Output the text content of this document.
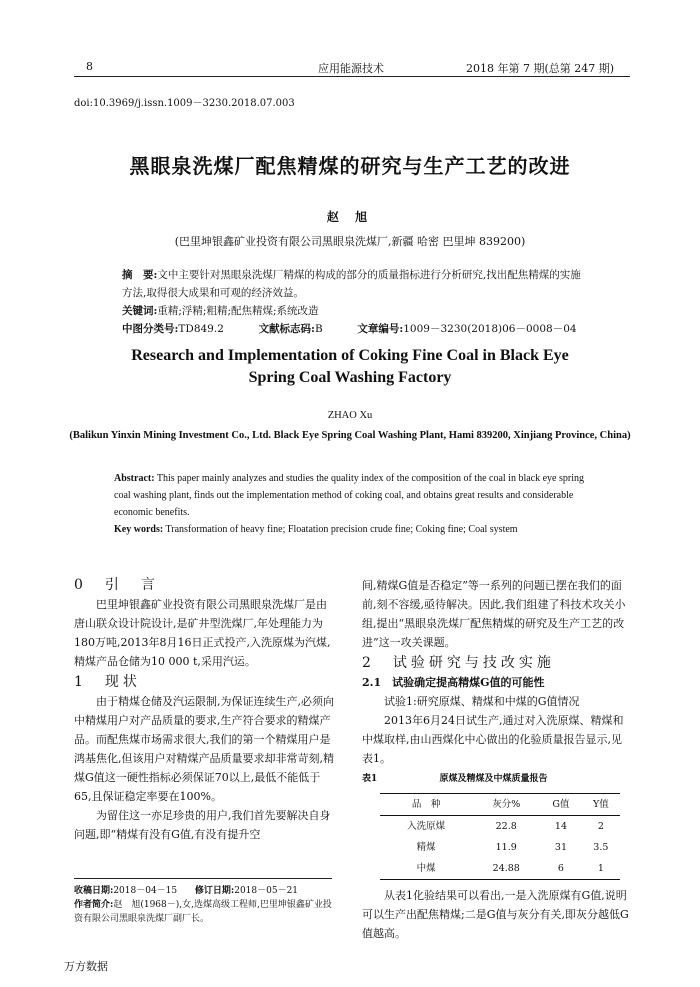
8	应用能源技术	2018 年第 7 期(总第 247 期)
doi:10.3969/j.issn.1009－3230.2018.07.003
黑眼泉洗煤厂配焦精煤的研究与生产工艺的改进
赵 旭
(巴里坤银鑫矿业投资有限公司黑眼泉洗煤厂,新疆 哈密 巴里坤 839200)
摘　要:文中主要针对黑眼泉洗煤厂精煤的构成的部分的质量指标进行分析研究,找出配焦精煤的实施方法,取得很大成果和可观的经济效益。
关键词:重精;浮精;粗精;配焦精煤;系统改造
中图分类号:TD849.2	文献标志码:B	文章编号:1009－3230(2018)06－0008－04
Research and Implementation of Coking Fine Coal in Black Eye Spring Coal Washing Factory
ZHAO Xu
(Balikun Yinxin Mining Investment Co., Ltd. Black Eye Spring Coal Washing Plant, Hami 839200, Xinjiang Province, China)
Abstract: This paper mainly analyzes and studies the quality index of the composition of the coal in black eye spring coal washing plant, finds out the implementation method of coking coal, and obtains great results and considerable economic benefits.
Key words: Transformation of heavy fine; Floatation precision crude fine; Coking fine; Coal system
0　引　言

巴里坤银鑫矿业投资有限公司黑眼泉洗煤厂是由唐山联众设计院设计,是矿井型洗煤厂,年处理能力为180万吨,2013年8月16日正式投产,入洗原煤为汽煤,精煤产品仓储为10 000 t,采用汽运。

1　现状

由于精煤仓储及汽运限制,为保证连续生产,必须向中精煤用户对产品质量的要求,生产符合要求的精煤产品。而配焦煤市场需求很大,我们的第一个精煤用户是鸿基焦化,但该用户对精煤产品质量要求却非常苛刻,精煤G值这一硬性指标必须保证70以上,最低不能低于65,且保证稳定率要在100%。

为留住这一亦足珍贵的用户,我们首先要解决自身问题,即“精煤有没有G值,有没有提升空

间,精煤G值是否稳定”等一系列的问题已摆在我们的面前,刻不容缓,亟待解决。因此,我们组建了科技术攻关小组,提出“黑眼泉洗煤厂配焦精煤的研究及生产工艺的改进”这一攻关课题。
2　试验研究与技改实施
2.1　试验确定提高精煤G值的可能性

试验1:研究原煤、精煤和中煤的G值情况

2013年6月24日试生产,通过对入洗原煤、精煤和中煤取样,由山西煤化中心做出的化验质量报告显示,见表1。

表1	原煤及精煤及中煤质量报告
品　种	灰分%	G值	Y值
入洗原煤	22.8	14	2
精煤	11.9	31	3.5
中煤	24.88	6	1

从表1化验结果可以看出,一是入洗原煤有G值,说明可以生产出配焦精煤;二是G值与灰分有关,即灰分越低G值越高。

收稿日期:2018－04－15 修订日期:2018－05－21
作者简介:赵　旭(1968－),女,选煤高级工程师,巴里坤银鑫矿业投资有限公司黑眼泉洗煤厂副厂长。
万方数据
